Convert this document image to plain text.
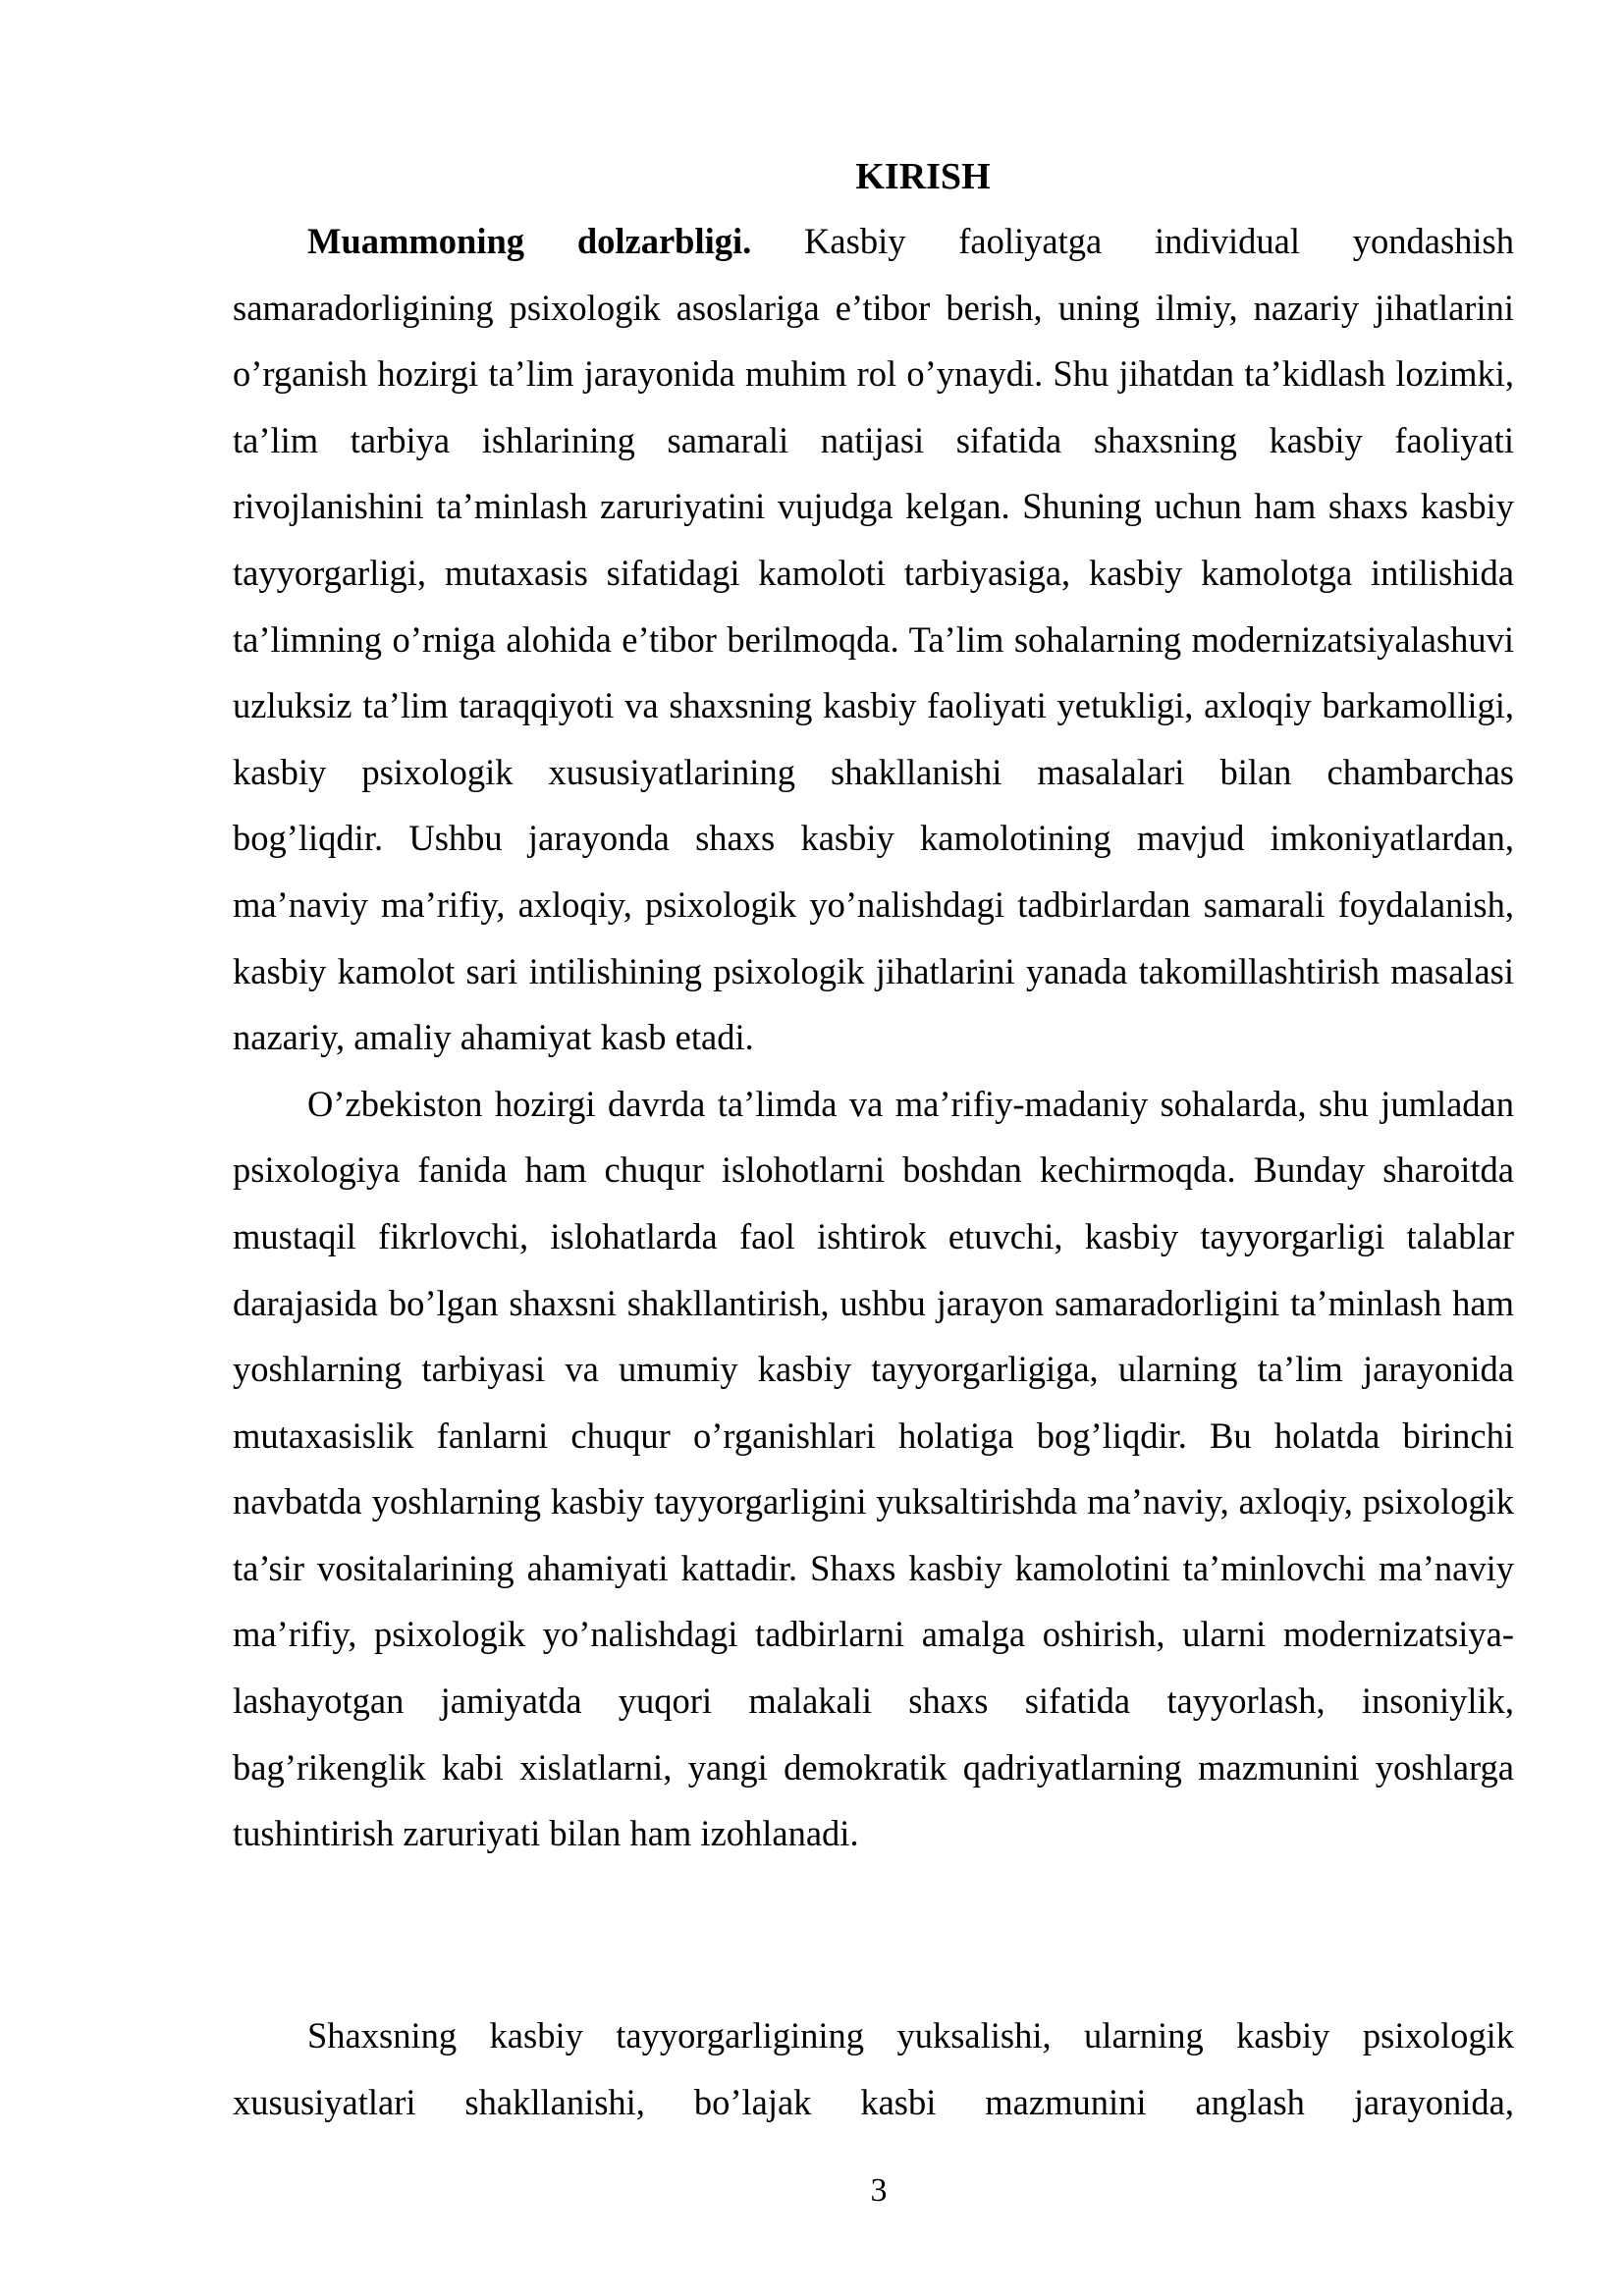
KIRISH

Muammoning dolzarbligi. Kasbiy faoliyatga individual yondashish samaradorligining psixologik asoslariga e’tibor berish, uning ilmiy, nazariy jihatlarini o’rganish hozirgi ta’lim jarayonida muhim rol o’ynaydi. Shu jihatdan ta’kidlash lozimki, ta’lim tarbiya ishlarining samarali natijasi sifatida shaxsning kasbiy faoliyati rivojlanishini ta’minlash zaruriyatini vujudga kelgan. Shuning uchun ham shaxs kasbiy tayyorgarligi, mutaxasis sifatidagi kamoloti tarbiyasiga, kasbiy kamolotga intilishida ta’limning o’rniga alohida e’tibor berilmoqda. Ta’lim sohalarning modernizatsiyalashuvi uzluksiz ta’lim taraqqiyoti va shaxsning kasbiy faoliyati yetukligi, axloqiy barkamolligi, kasbiy psixologik xususiyatlarining shakllanishi masalalari bilan chambarchas bog’liqdir. Ushbu jarayonda shaxs kasbiy kamolotining mavjud imkoniyatlardan, ma’naviy ma’rifiy, axloqiy, psixologik yo’nalishdagi tadbirlardan samarali foydalanish, kasbiy kamolot sari intilishining psixologik jihatlarini yanada takomillashtirish masalasi nazariy, amaliy ahamiyat kasb etadi.

O’zbekiston hozirgi davrda ta’limda va ma’rifiy-madaniy sohalarda, shu jumladan psixologiya fanida ham chuqur islohotlarni boshdan kechirmoqda. Bunday sharoitda mustaqil fikrlovchi, islohatlarda faol ishtirok etuvchi, kasbiy tayyorgarligi talablar darajasida bo’lgan shaxsni shakllantirish, ushbu jarayon samaradorligini ta’minlash ham yoshlarning tarbiyasi va umumiy kasbiy tayyorgarligiga, ularning ta’lim jarayonida mutaxasislik fanlarni chuqur o’rganishlari holatiga bog’liqdir. Bu holatda birinchi navbatda yoshlarning kasbiy tayyorgarligini yuksaltirishda ma’naviy, axloqiy, psixologik ta’sir vositalarining ahamiyati kattadir. Shaxs kasbiy kamolotini ta’minlovchi ma’naviy ma’rifiy, psixologik yo’nalishdagi tadbirlarni amalga oshirish, ularni modernizatsiya-lashayotgan jamiyatda yuqori malakali shaxs sifatida tayyorlash, insoniylik, bag’rikenglik kabi xislatlarni, yangi demokratik qadriyatlarning mazmunini yoshlarga tushintirish zaruriyati bilan ham izohlanadi.

Shaxsning kasbiy tayyorgarligining yuksalishi, ularning kasbiy psixologik

xususiyatlari shakllanishi, bo’lajak kasbi mazmunini anglash jarayonida,

3
